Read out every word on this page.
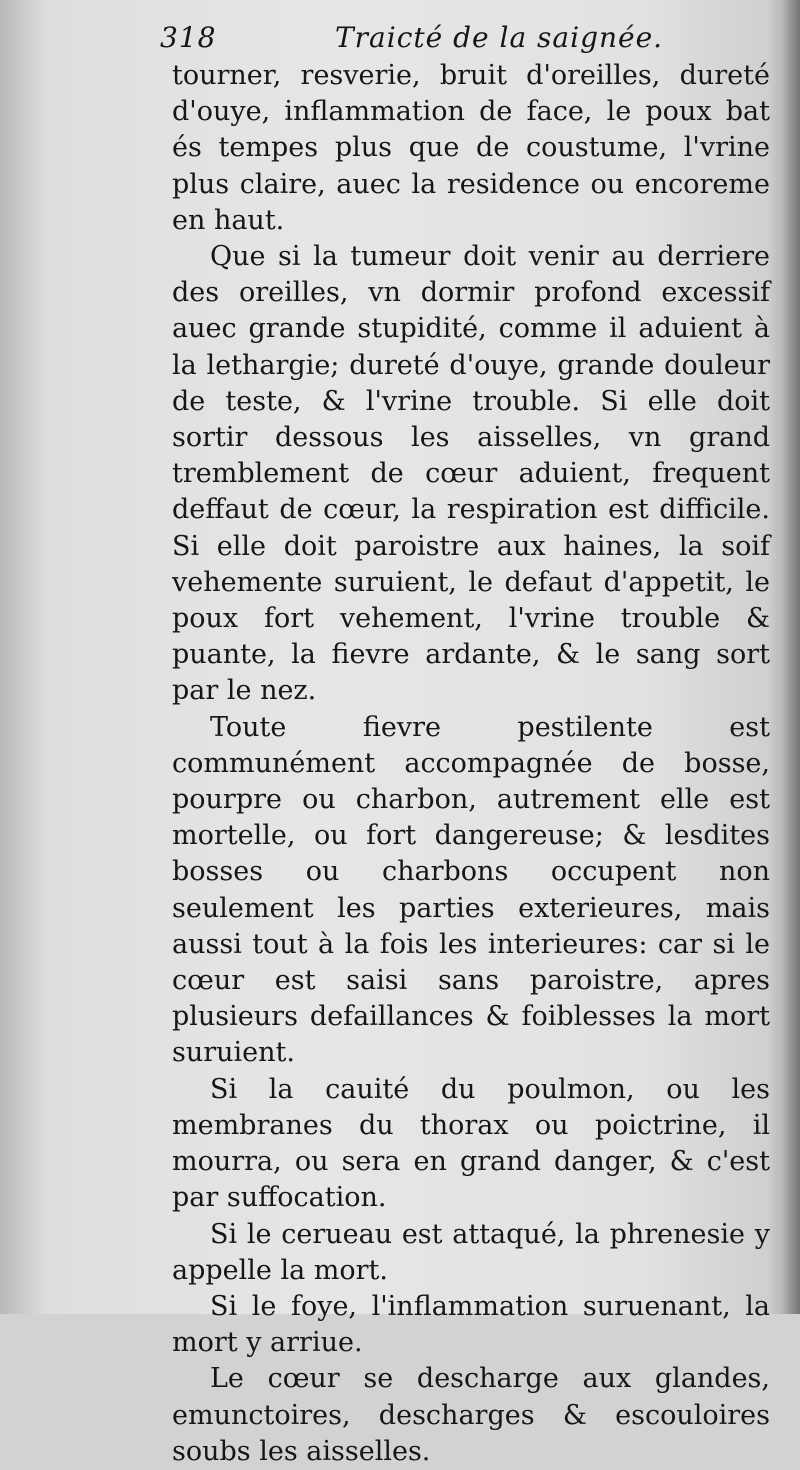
318	Traicté de la saignée.

tourner, resverie, bruit d'oreilles, dureté d'ouye, inflammation de face, le poux bat és tempes plus que de coustume, l'vrine plus claire, auec la residence ou encoreme en haut.

Que si la tumeur doit venir au derriere des oreilles, vn dormir profond excessif auec grande stupidité, comme il aduient à la lethargie; dureté d'ouye, grande douleur de teste, & l'vrine trouble. Si elle doit sortir dessous les aisselles, vn grand tremblement de cœur aduient, frequent deffaut de cœur, la respiration est difficile. Si elle doit paroistre aux haines, la soif vehemente suruient, le defaut d'appetit, le poux fort vehement, l'vrine trouble & puante, la fievre ardante, & le sang sort par le nez.

Toute fievre pestilente est communément accompagnée de bosse, pourpre ou charbon, autrement elle est mortelle, ou fort dangereuse; & lesdites bosses ou charbons occupent non seulement les parties exterieures, mais aussi tout à la fois les interieures: car si le cœur est saisi sans paroistre, apres plusieurs defaillances & foiblesses la mort suruient.

Si la cauité du poulmon, ou les membranes du thorax ou poictrine, il mourra, ou sera en grand danger, & c'est par suffocation.

Si le cerueau est attaqué, la phrenesie y appelle la mort.

Si le foye, l'inflammation suruenant, la mort y arriue.

Le cœur se descharge aux glandes, emunctoires, descharges & escouloires soubs les aisselles.
